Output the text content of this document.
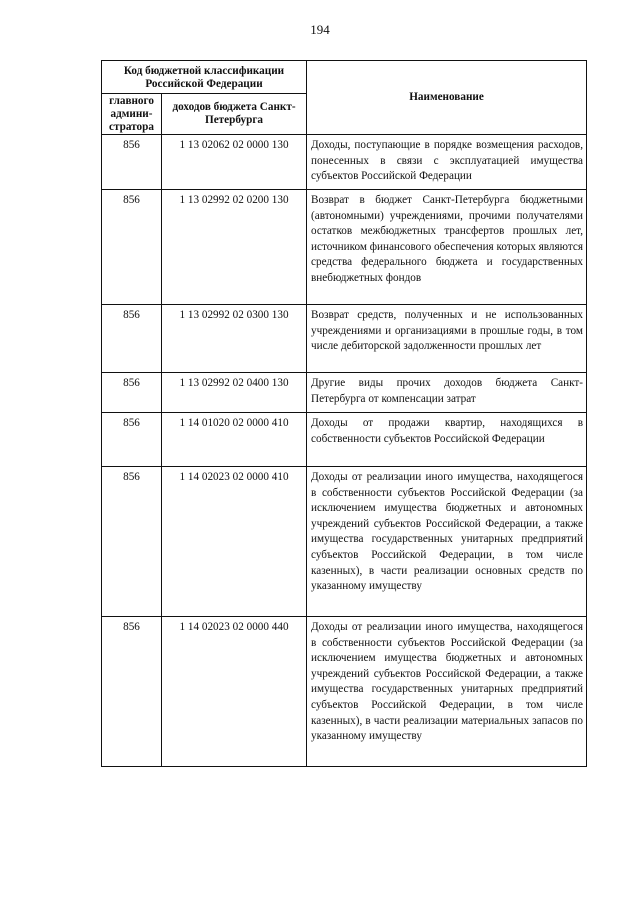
194
Код бюджетной классификации Российской Федерации		Наименование
главного админи-стратора	доходов бюджета Санкт-Петербурга	
856	1 13 02062 02 0000 130	Доходы, поступающие в порядке возмещения расходов, понесенных в связи с эксплуатацией имущества субъектов Российской Федерации
856	1 13 02992 02 0200 130	Возврат в бюджет Санкт-Петербурга бюджетными (автономными) учреждениями, прочими получателями остатков межбюджетных трансфертов прошлых лет, источником финансового обеспечения которых являются средства федерального бюджета и государственных внебюджетных фондов
856	1 13 02992 02 0300 130	Возврат средств, полученных и не использованных учреждениями и организациями в прошлые годы, в том числе дебиторской задолженности прошлых лет
856	1 13 02992 02 0400 130	Другие виды прочих доходов бюджета Санкт-Петербурга от компенсации затрат
856	1 14 01020 02 0000 410	Доходы от продажи квартир, находящихся в собственности субъектов Российской Федерации
856	1 14 02023 02 0000 410	Доходы от реализации иного имущества, находящегося в собственности субъектов Российской Федерации (за исключением имущества бюджетных и автономных учреждений субъектов Российской Федерации, а также имущества государственных унитарных предприятий субъектов Российской Федерации, в том числе казенных), в части реализации основных средств по указанному имуществу
856	1 14 02023 02 0000 440	Доходы от реализации иного имущества, находящегося в собственности субъектов Российской Федерации (за исключением имущества бюджетных и автономных учреждений субъектов Российской Федерации, а также имущества государственных унитарных предприятий субъектов Российской Федерации, в том числе казенных), в части реализации материальных запасов по указанному имуществу
